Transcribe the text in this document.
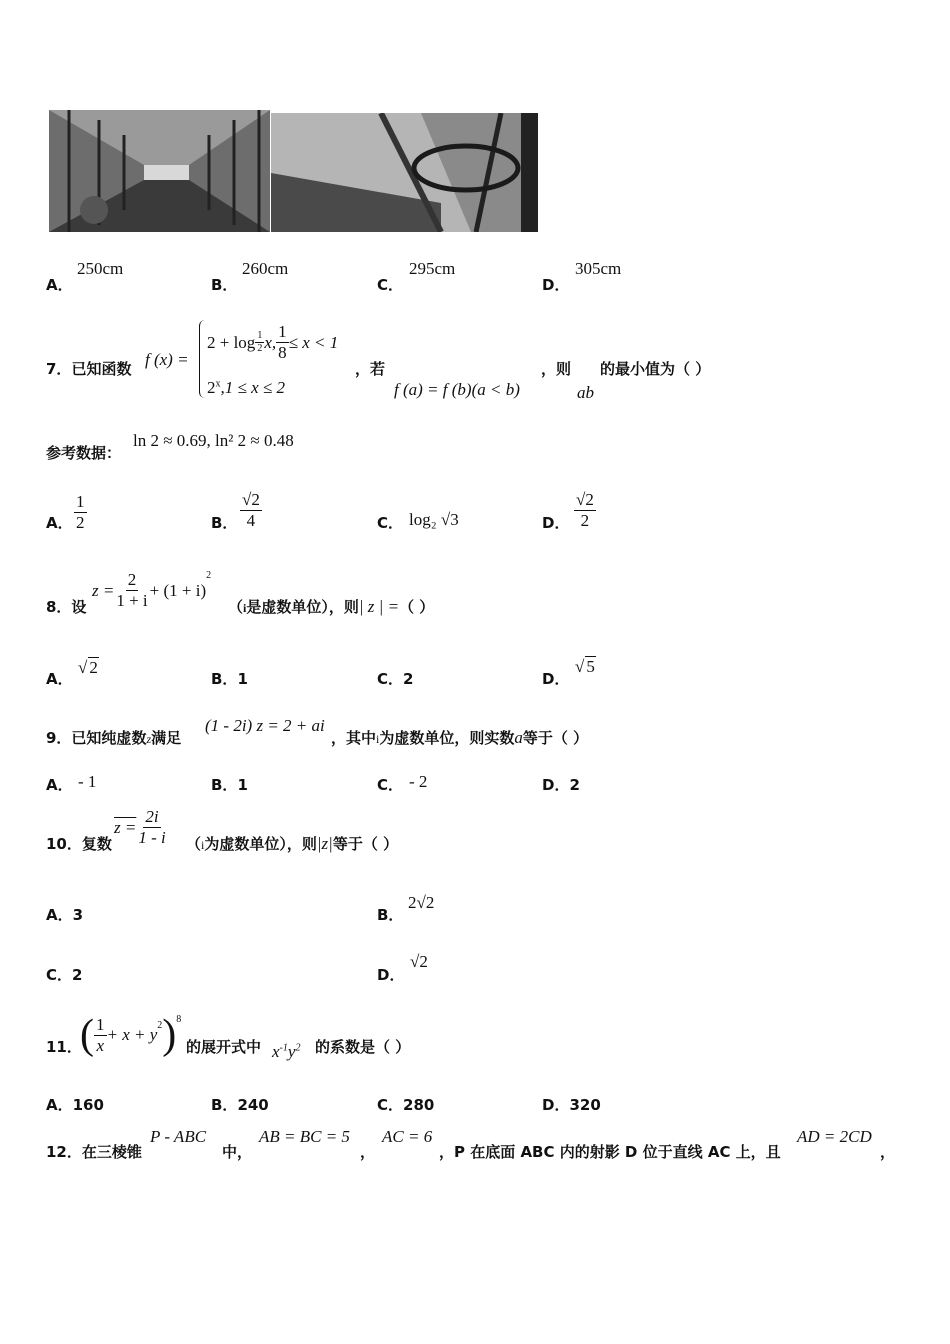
A．
250cm
B．
260cm
C．
295cm
D．
305cm
7．已知函数 f (x) =
$2 + \log \frac{1}{2} x$, $\frac{1}{8} \le x < 1$
$2^x,1 \le x \le 2$
，若
f (a) = f (b)(a < b)
，则
ab
的最小值为（ ）
参考数据：
ln 2 ≈ 0.69, ln² 2 ≈ 0.48
A． $\frac{1}{2}$	B． $\frac{√2}{4}$	C． log₂ √3	D． $\frac{√2}{2}$
8．设
$z = \frac{2}{1 + i} + (1 + i)$
$^2$
（i是虚数单位），则| z | =（ ）
A．
√ 2
B．1	C．2	D．
√ 5
9．已知纯虚数z满足
(1 - 2i) z = 2 + ai
，其中i为虚数单位，则实数a等于（ ）
A． - 1	B．1	C． - 2	D．2
10．复数
$z = \frac{2i}{1 - i} (i$为虚数单位），则|z|等于（ ）
A．3	B．
2√2
C．2	D．
√2
11．
( $\frac{1}{x} + x + y^2$ )$^8$
的展开式中 $x^{-1}y^2$ 的系数是（ ）
A．160	B．240	C．280	D．320
12．在三棱锥
P - ABC
中，
AB = BC = 5
，
AC = 6
，P 在底面 ABC 内的射影 D 位于直线 AC 上，且
AD = 2CD
，
